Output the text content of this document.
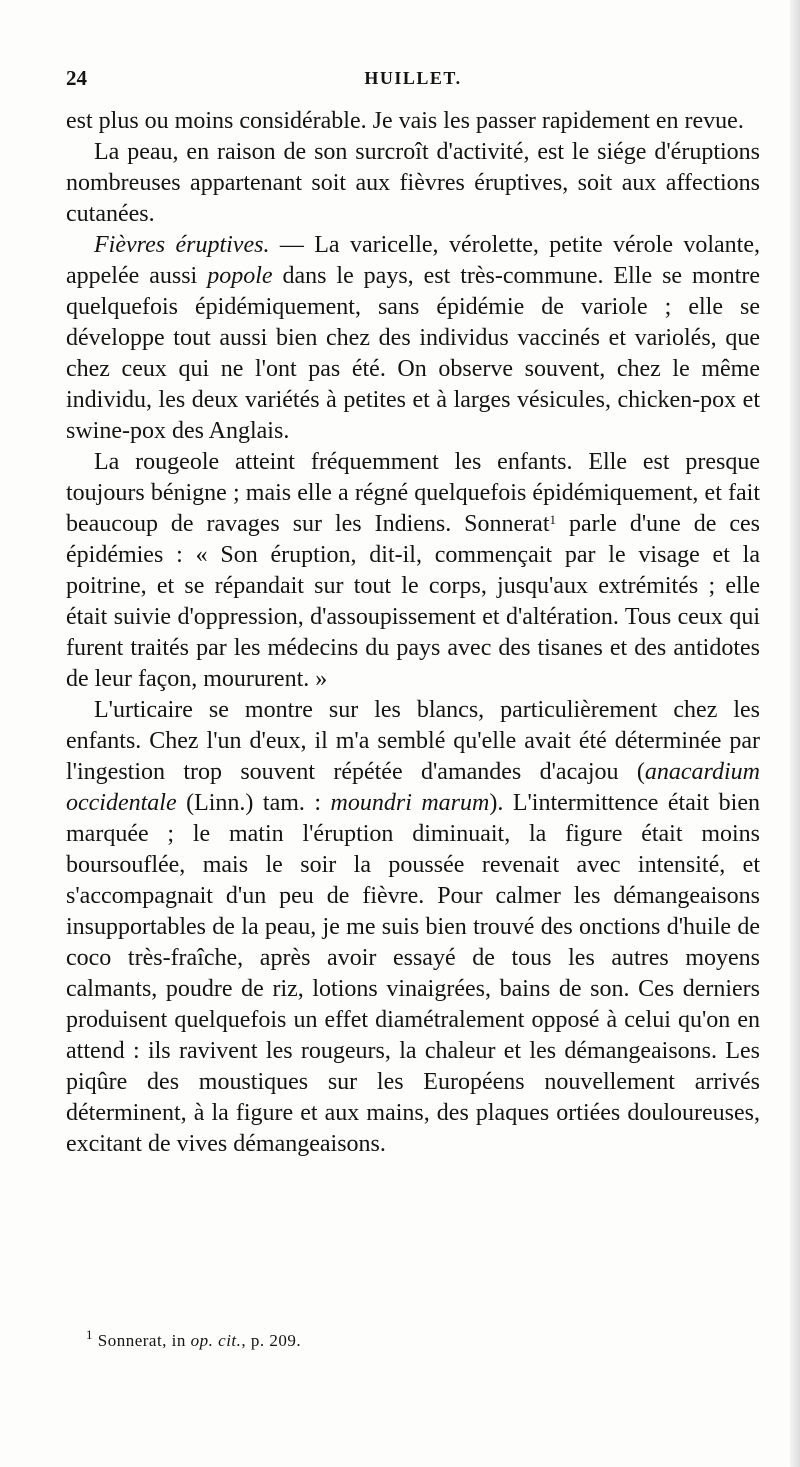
24	HUILLET.

est plus ou moins considérable. Je vais les passer rapidement en revue.

La peau, en raison de son surcroît d'activité, est le siége d'éruptions nombreuses appartenant soit aux fièvres éruptives, soit aux affections cutanées.

Fièvres éruptives. — La varicelle, vérolette, petite vérole volante, appelée aussi popole dans le pays, est très-commune. Elle se montre quelquefois épidémiquement, sans épidémie de variole ; elle se développe tout aussi bien chez des individus vaccinés et variolés, que chez ceux qui ne l'ont pas été. On observe souvent, chez le même individu, les deux variétés à petites et à larges vésicules, chicken-pox et swine-pox des Anglais.

La rougeole atteint fréquemment les enfants. Elle est presque toujours bénigne ; mais elle a régné quelquefois épidémiquement, et fait beaucoup de ravages sur les Indiens. Sonnerat$^1$ parle d'une de ces épidémies : « Son éruption, dit-il, commençait par le visage et la poitrine, et se répandait sur tout le corps, jusqu'aux extrémités ; elle était suivie d'oppression, d'assoupissement et d'altération. Tous ceux qui furent traités par les médecins du pays avec des tisanes et des antidotes de leur façon, moururent. »

L'urticaire se montre sur les blancs, particulièrement chez les enfants. Chez l'un d'eux, il m'a semblé qu'elle avait été déterminée par l'ingestion trop souvent répétée d'amandes d'acajou (anacardium occidentale (Linn.) tam. : moundri marum). L'intermittence était bien marquée ; le matin l'éruption diminuait, la figure était moins boursouflée, mais le soir la poussée revenait avec intensité, et s'accompagnait d'un peu de fièvre. Pour calmer les démangeaisons insupportables de la peau, je me suis bien trouvé des onctions d'huile de coco très-fraîche, après avoir essayé de tous les autres moyens calmants, poudre de riz, lotions vinaigrées, bains de son. Ces derniers produisent quelquefois un effet diamétralement opposé à celui qu'on en attend : ils ravivent les rougeurs, la chaleur et les démangeaisons. Les piqûre des moustiques sur les Européens nouvellement arrivés déterminent, à la figure et aux mains, des plaques ortiées douloureuses, excitant de vives démangeaisons.

$^1$ Sonnerat, in op. cit., p. 209.
